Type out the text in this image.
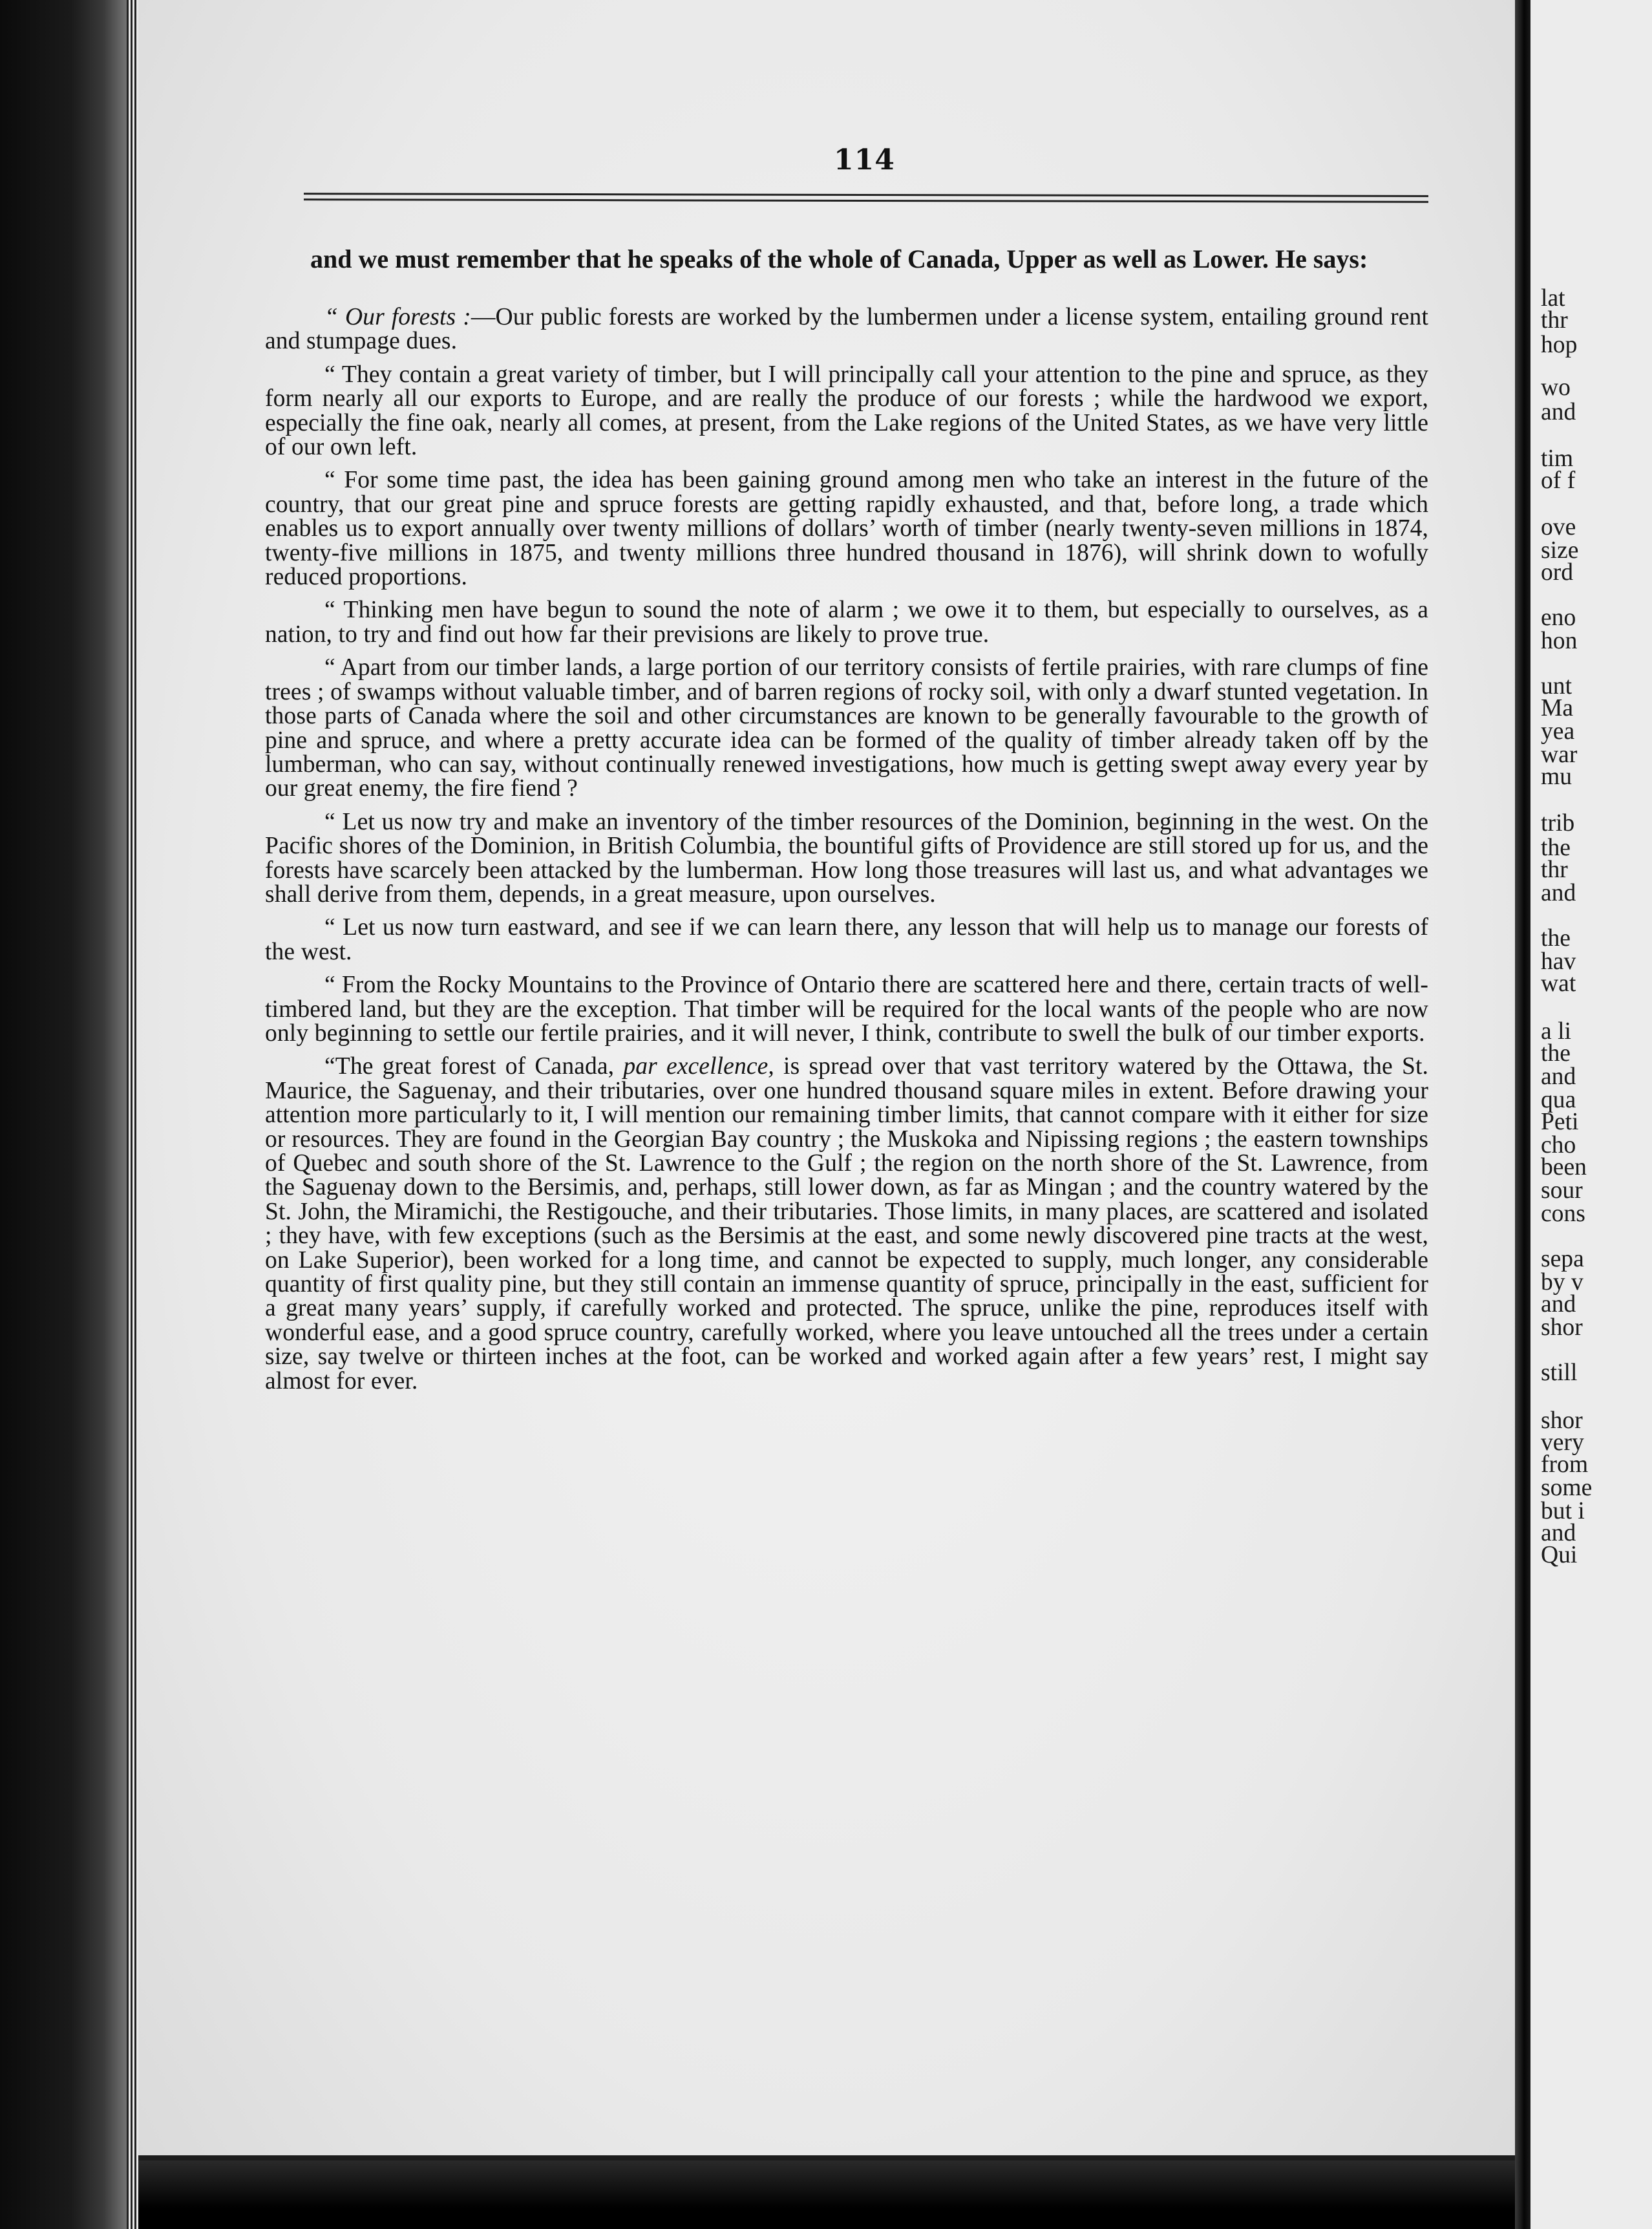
114

and we must remember that he speaks of the whole of Canada, Upper as well as Lower. He says:

“ Our forests :—Our public forests are worked by the lumbermen under a license system, entailing ground rent and stumpage dues.

“ They contain a great variety of timber, but I will principally call your attention to the pine and spruce, as they form nearly all our exports to Europe, and are really the produce of our forests ; while the hardwood we export, especially the fine oak, nearly all comes, at present, from the Lake regions of the United States, as we have very little of our own left.

“ For some time past, the idea has been gaining ground among men who take an interest in the future of the country, that our great pine and spruce forests are getting rapidly exhausted, and that, before long, a trade which enables us to export annually over twenty millions of dollars’ worth of timber (nearly twenty-seven millions in 1874, twenty-five millions in 1875, and twenty millions three hundred thousand in 1876), will shrink down to wofully reduced proportions.

“ Thinking men have begun to sound the note of alarm ; we owe it to them, but especially to ourselves, as a nation, to try and find out how far their previsions are likely to prove true.

“ Apart from our timber lands, a large portion of our territory consists of fertile prairies, with rare clumps of fine trees ; of swamps without valuable timber, and of barren regions of rocky soil, with only a dwarf stunted vegetation. In those parts of Canada where the soil and other circumstances are known to be generally favourable to the growth of pine and spruce, and where a pretty accurate idea can be formed of the quality of timber already taken off by the lumberman, who can say, without continually renewed investigations, how much is getting swept away every year by our great enemy, the fire fiend ?

“ Let us now try and make an inventory of the timber resources of the Dominion, beginning in the west. On the Pacific shores of the Dominion, in British Columbia, the bountiful gifts of Providence are still stored up for us, and the forests have scarcely been attacked by the lumberman. How long those treasures will last us, and what advantages we shall derive from them, depends, in a great measure, upon ourselves.

“ Let us now turn eastward, and see if we can learn there, any lesson that will help us to manage our forests of the west.

“ From the Rocky Mountains to the Province of Ontario there are scattered here and there, certain tracts of well-timbered land, but they are the exception. That timber will be required for the local wants of the people who are now only beginning to settle our fertile prairies, and it will never, I think, contribute to swell the bulk of our timber exports.

“The great forest of Canada, par excellence, is spread over that vast territory watered by the Ottawa, the St. Maurice, the Saguenay, and their tributaries, over one hundred thousand square miles in extent. Before drawing your attention more particularly to it, I will mention our remaining timber limits, that cannot compare with it either for size or resources. They are found in the Georgian Bay country ; the Muskoka and Nipissing regions ; the eastern townships of Quebec and south shore of the St. Lawrence to the Gulf ; the region on the north shore of the St. Lawrence, from the Saguenay down to the Bersimis, and, perhaps, still lower down, as far as Mingan ; and the country watered by the St. John, the Miramichi, the Restigouche, and their tributaries. Those limits, in many places, are scattered and isolated ; they have, with few exceptions (such as the Bersimis at the east, and some newly discovered pine tracts at the west, on Lake Superior), been worked for a long time, and cannot be expected to supply, much longer, any considerable quantity of first quality pine, but they still contain an immense quantity of spruce, principally in the east, sufficient for a great many years’ supply, if carefully worked and protected. The spruce, unlike the pine, reproduces itself with wonderful ease, and a good spruce country, carefully worked, where you leave untouched all the trees under a certain size, say twelve or thirteen inches at the foot, can be worked and worked again after a few years’ rest, I might say almost for ever.

lat
thr
hop
wo
and
tim
of f
ove
size
ord
eno
hon
unt
Ma
yea
war
mu
trib
the
thr
and
the
hav
wat
a li
the
and
qua
Peti
cho
been
sour
cons
sepa
by v
and
shor
still
shor
very
from
some
but i
and
Qui
